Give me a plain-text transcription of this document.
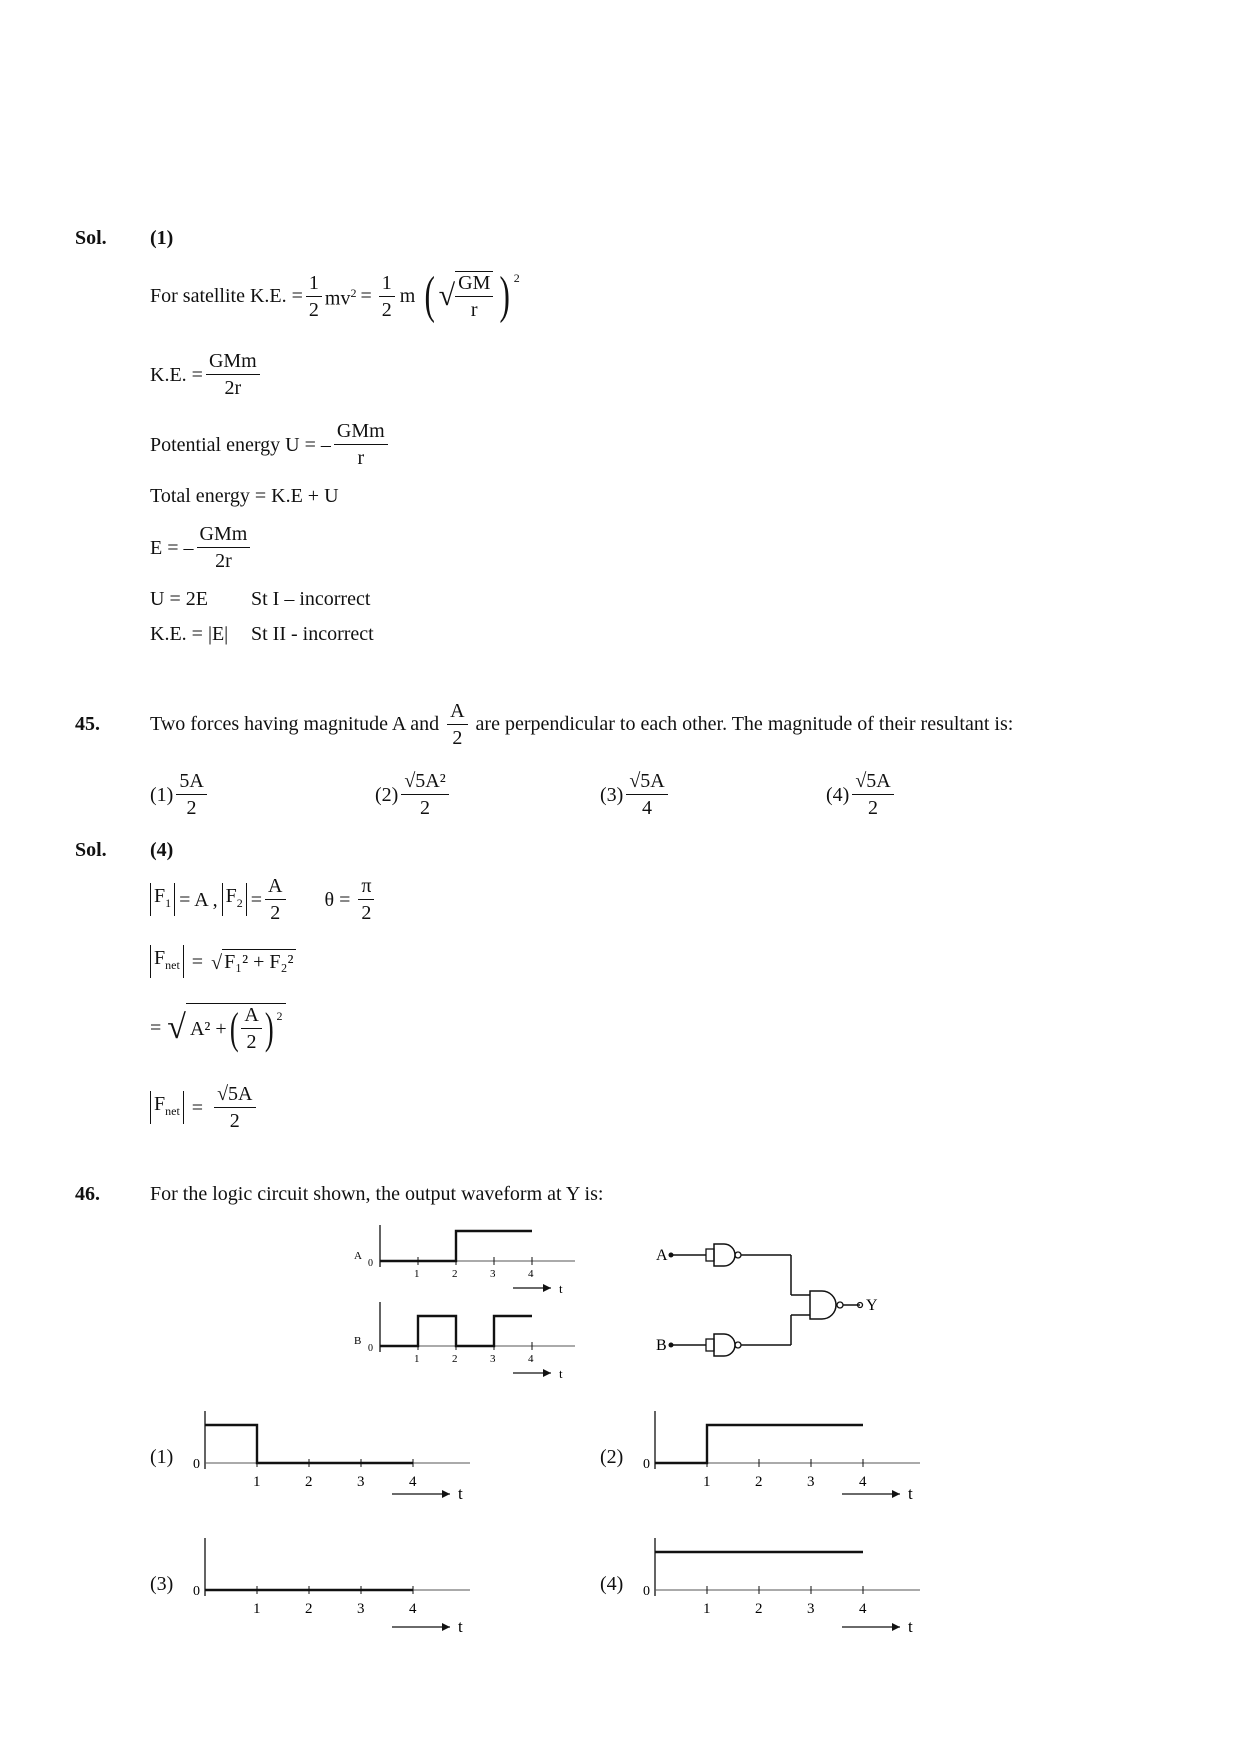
Sol. (1)
For satellite K.E. = $\frac{1}{2} mv^2 = \frac{1}{2}$ m ( √ $\frac{GM}{r}$ ) $^2$
K.E. = $\frac{\text{GMm}}{2r}$
Potential energy U = – $\frac{\text{GMm}}{r}$
Total energy = K.E + U
E = – $\frac{\text{GMm}}{2r}$
U = 2E St I – incorrect
K.E. = |E| St II - incorrect
45.	Two forces having magnitude A and $\frac{A}{2}$ are perpendicular to each other. The magnitude of their resultant is:
$(1) \frac{5A}{2}$	$(2) \frac{\text{√5A²}}{2}$	$(3) \frac{√5A}{4}$	$(4) \frac{√5A}{2}$
Sol. (4)
$F_1 = A$ , $F_2 = \frac{A}{2}$ $\theta = \frac{\pi}{2}$
$F_{net}$ = √ F₁² + F₂²
= √ A² + ( $\frac{A}{2} )^2$
$F_{net} = \frac{√5A}{2}$
46.	For the logic circuit shown, the output waveform at Y is:
0
A
1	2	3	4
t
0
B
1	2	3	4
t
A
B
Y
(1) 0
1	2	3	4
t
(2) 0
1	2	3	4
t
(3) 0
1	2	3	4
t
(4) 0
1	2	3	4
t
